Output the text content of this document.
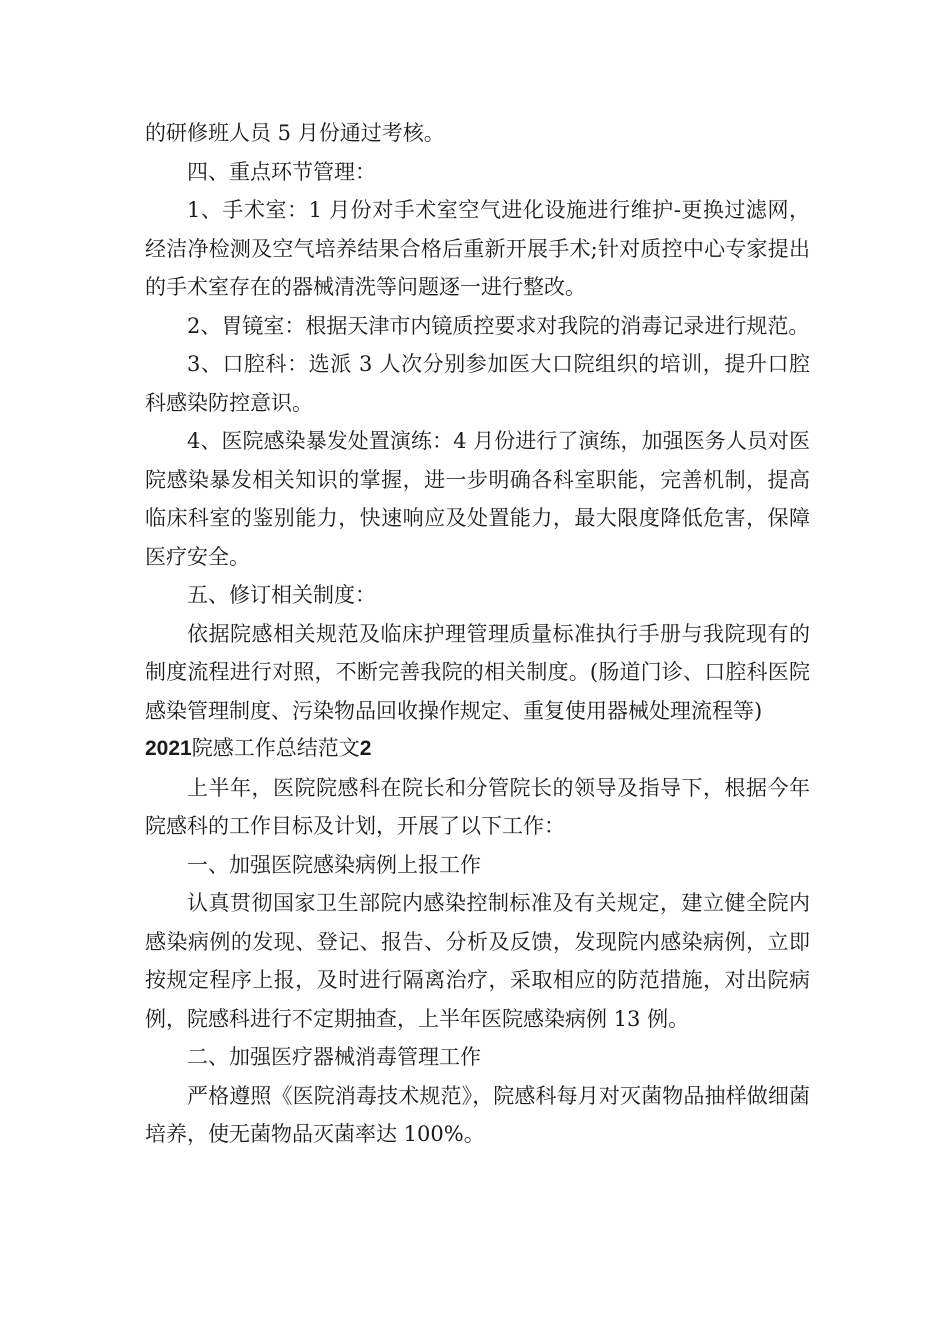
的研修班人员 5 月份通过考核。

四、重点环节管理：

1、手术室：1 月份对手术室空气进化设施进行维护-更换过滤网，经洁净检测及空气培养结果合格后重新开展手术;针对质控中心专家提出的手术室存在的器械清洗等问题逐一进行整改。

2、胃镜室：根据天津市内镜质控要求对我院的消毒记录进行规范。

3、口腔科：选派 3 人次分别参加医大口院组织的培训，提升口腔科感染防控意识。

4、医院感染暴发处置演练：4 月份进行了演练，加强医务人员对医院感染暴发相关知识的掌握，进一步明确各科室职能，完善机制，提高临床科室的鉴别能力，快速响应及处置能力，最大限度降低危害，保障医疗安全。

五、修订相关制度：

依据院感相关规范及临床护理管理质量标准执行手册与我院现有的制度流程进行对照，不断完善我院的相关制度。(肠道门诊、口腔科医院感染管理制度、污染物品回收操作规定、重复使用器械处理流程等)

2021院感工作总结范文2

上半年，医院院感科在院长和分管院长的领导及指导下，根据今年院感科的工作目标及计划，开展了以下工作：

一、加强医院感染病例上报工作

认真贯彻国家卫生部院内感染控制标准及有关规定，建立健全院内感染病例的发现、登记、报告、分析及反馈，发现院内感染病例，立即按规定程序上报，及时进行隔离治疗，采取相应的防范措施，对出院病例，院感科进行不定期抽查，上半年医院感染病例 13 例。

二、加强医疗器械消毒管理工作

严格遵照《医院消毒技术规范》，院感科每月对灭菌物品抽样做细菌培养，使无菌物品灭菌率达 100%。
